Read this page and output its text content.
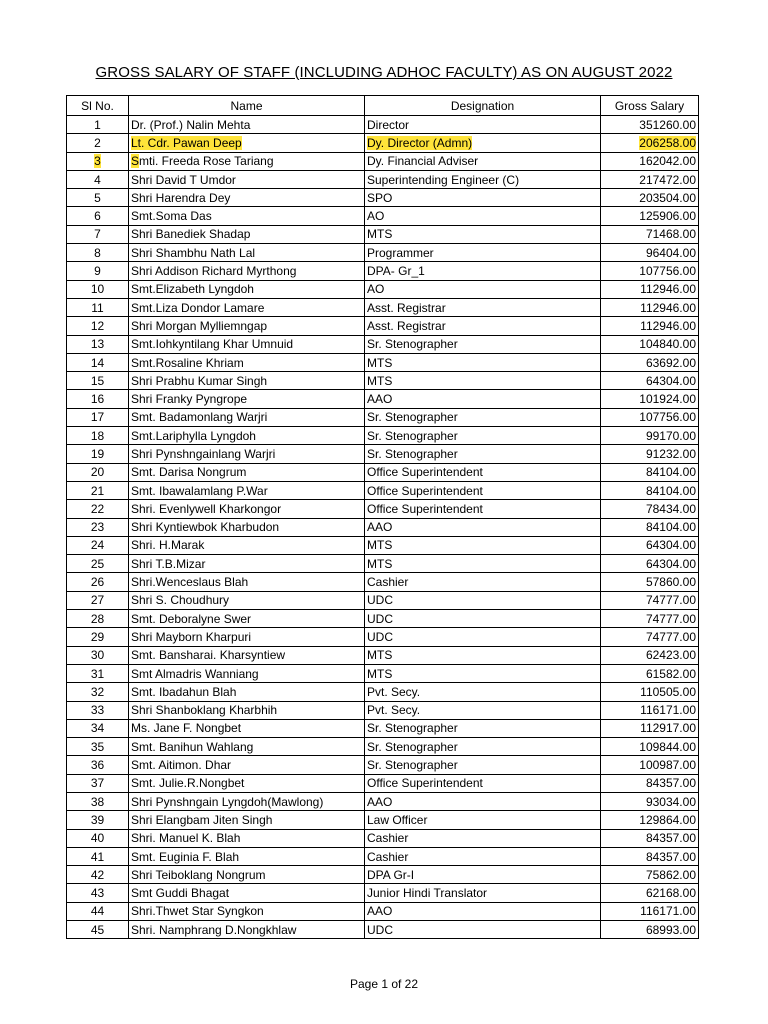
GROSS SALARY OF STAFF (INCLUDING ADHOC FACULTY) AS ON AUGUST 2022
Sl No.	Name	Designation	Gross Salary
1	Dr. (Prof.) Nalin Mehta	Director	351260.00
2	Lt. Cdr. Pawan Deep	Dy. Director (Admn)	206258.00
3	Smti. Freeda Rose Tariang	Dy. Financial Adviser	162042.00
4	Shri David T Umdor	Superintending Engineer (C)	217472.00
5	Shri Harendra Dey	SPO	203504.00
6	Smt.Soma Das	AO	125906.00
7	Shri Banediek Shadap	MTS	71468.00
8	Shri Shambhu Nath Lal	Programmer	96404.00
9	Shri Addison Richard Myrthong	DPA- Gr_1	107756.00
10	Smt.Elizabeth Lyngdoh	AO	112946.00
11	Smt.Liza Dondor Lamare	Asst. Registrar	112946.00
12	Shri Morgan Mylliemngap	Asst. Registrar	112946.00
13	Smt.Iohkyntilang Khar Umnuid	Sr. Stenographer	104840.00
14	Smt.Rosaline Khriam	MTS	63692.00
15	Shri Prabhu Kumar Singh	MTS	64304.00
16	Shri Franky Pyngrope	AAO	101924.00
17	Smt. Badamonlang Warjri	Sr. Stenographer	107756.00
18	Smt.Lariphylla Lyngdoh	Sr. Stenographer	99170.00
19	Shri Pynshngainlang Warjri	Sr. Stenographer	91232.00
20	Smt. Darisa Nongrum	Office Superintendent	84104.00
21	Smt. Ibawalamlang P.War	Office Superintendent	84104.00
22	Shri. Evenlywell Kharkongor	Office Superintendent	78434.00
23	Shri Kyntiewbok Kharbudon	AAO	84104.00
24	Shri. H.Marak	MTS	64304.00
25	Shri T.B.Mizar	MTS	64304.00
26	Shri.Wenceslaus Blah	Cashier	57860.00
27	Shri S. Choudhury	UDC	74777.00
28	Smt. Deboralyne Swer	UDC	74777.00
29	Shri Mayborn Kharpuri	UDC	74777.00
30	Smt. Bansharai. Kharsyntiew	MTS	62423.00
31	Smt Almadris Wanniang	MTS	61582.00
32	Smt. Ibadahun Blah	Pvt. Secy.	110505.00
33	Shri Shanboklang Kharbhih	Pvt. Secy.	116171.00
34	Ms. Jane F. Nongbet	Sr. Stenographer	112917.00
35	Smt. Banihun Wahlang	Sr. Stenographer	109844.00
36	Smt. Aitimon. Dhar	Sr. Stenographer	100987.00
37	Smt. Julie.R.Nongbet	Office Superintendent	84357.00
38	Shri Pynshngain Lyngdoh(Mawlong)	AAO	93034.00
39	Shri Elangbam Jiten Singh	Law Officer	129864.00
40	Shri. Manuel K. Blah	Cashier	84357.00
41	Smt. Euginia F. Blah	Cashier	84357.00
42	Shri Teiboklang Nongrum	DPA Gr-I	75862.00
43	Smt Guddi Bhagat	Junior Hindi Translator	62168.00
44	Shri.Thwet Star Syngkon	AAO	116171.00
45	Shri. Namphrang D.Nongkhlaw	UDC	68993.00
Page 1 of 22
